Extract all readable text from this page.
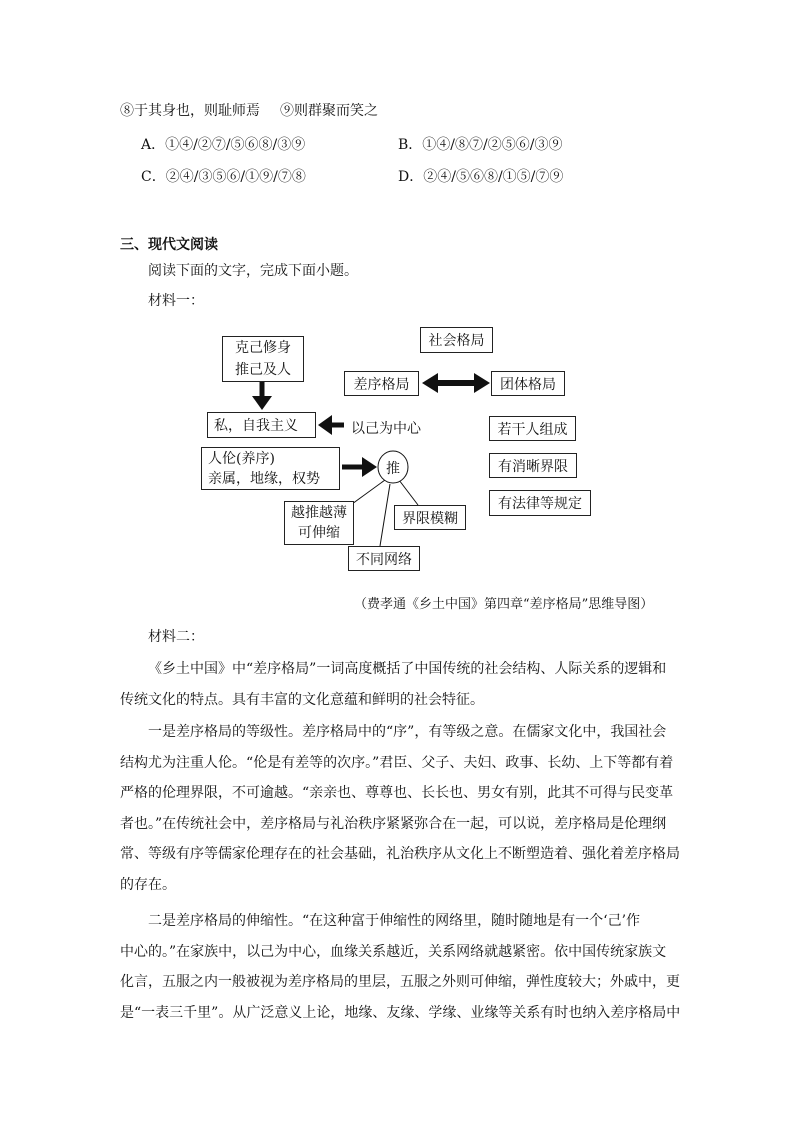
⑧于其身也，则耻师焉 ⑨则群聚而笑之
A．①④/②⑦/⑤⑥⑧/③⑨	B．①④/⑧⑦/②⑤⑥/③⑨
C．②④/③⑤⑥/①⑨/⑦⑧	D．②④/⑤⑥⑧/①⑤/⑦⑨
三、现代文阅读
阅读下面的文字，完成下面小题。
材料一：
克己修身
推己及人
私，自我主义	以己为中心
人伦(养序)
亲属，地缘，权势
推
越推越薄
可伸缩
界限模糊
不同网络
社会格局
差序格局	团体格局
若干人组成
有消晰界限
有法律等规定
（费孝通《乡土中国》第四章“差序格局”思维导图）
材料二：
《乡土中国》中“差序格局”一词高度概括了中国传统的社会结构、人际关系的逻辑和
传统文化的特点。具有丰富的文化意蕴和鲜明的社会特征。
一是差序格局的等级性。差序格局中的“序”，有等级之意。在儒家文化中，我国社会
结构尤为注重人伦。“伦是有差等的次序。”君臣、父子、夫妇、政事、长幼、上下等都有着
严格的伦理界限，不可逾越。“亲亲也、尊尊也、长长也、男女有别，此其不可得与民变革
者也。”在传统社会中，差序格局与礼治秩序紧紧弥合在一起，可以说，差序格局是伦理纲
常、等级有序等儒家伦理存在的社会基础，礼治秩序从文化上不断塑造着、强化着差序格局
的存在。
二是差序格局的伸缩性。“在这种富于伸缩性的网络里，随时随地是有一个‘己’作
中心的。”在家族中，以己为中心，血缘关系越近，关系网络就越紧密。依中国传统家族文
化言，五服之内一般被视为差序格局的里层，五服之外则可伸缩，弹性度较大；外戚中，更
是“一表三千里”。从广泛意义上论，地缘、友缘、学缘、业缘等关系有时也纳入差序格局中
